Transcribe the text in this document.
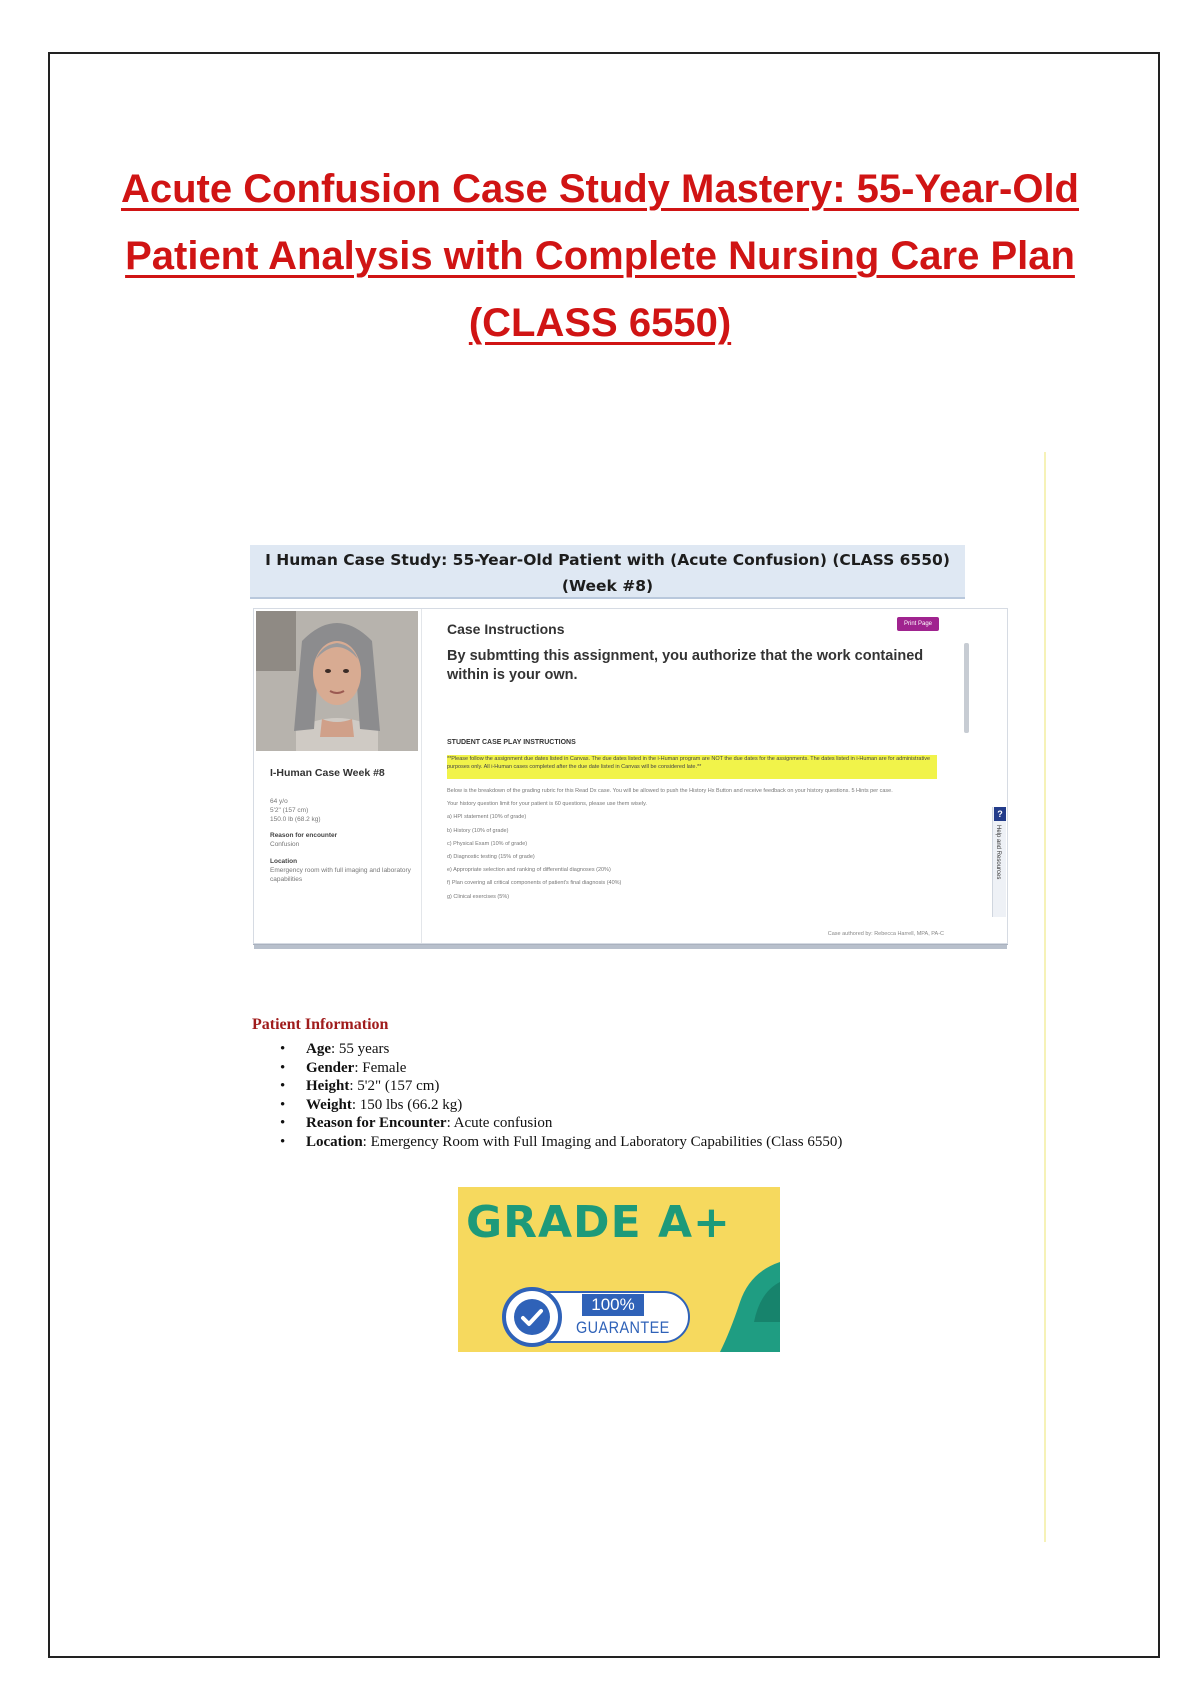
Acute Confusion Case Study Mastery: 55-Year-Old Patient Analysis with Complete Nursing Care Plan (CLASS 6550)
I Human Case Study: 55-Year-Old Patient with (Acute Confusion) (CLASS 6550)
(Week #8)
I-Human Case Week #8
64 y/o
5'2" (157 cm)
150.0 lb (68.2 kg)
Reason for encounter
Confusion
Location
Emergency room with full imaging and laboratory capabilities
Case Instructions	Print Page
By submtting this assignment, you authorize that the work contained within is your own.
STUDENT CASE PLAY INSTRUCTIONS
**Please follow the assignment due dates listed in Canvas. The due dates listed in the i-Human program are NOT the due dates for the assignments. The dates listed in i-Human are for administrative purposes only. All i-Human cases completed after the due date listed in Canvas will be considered late.**
Below is the breakdown of the grading rubric for this Read Dx case. You will be allowed to push the History Hx Button and receive feedback on your history questions. 5 Hints per case.
Your history question limit for your patient is 60 questions, please use them wisely.
a) HPI statement (10% of grade)
b) History (10% of grade)
c) Physical Exam (10% of grade)
d) Diagnostic testing (15% of grade)
e) Appropriate selection and ranking of differential diagnoses (20%)
f) Plan covering all critical components of patient's final diagnosis (40%)
g) Clinical exercises (5%)
Case authored by: Rebecca Harrell, MPA, PA-C
?
Help and Resources
Patient Information
• Age: 55 years
• Gender: Female
• Height: 5'2" (157 cm)
• Weight: 150 lbs (66.2 kg)
• Reason for Encounter: Acute confusion
• Location: Emergency Room with Full Imaging and Laboratory Capabilities (Class 6550)
GRADE A+
100%
GUARANTEE
